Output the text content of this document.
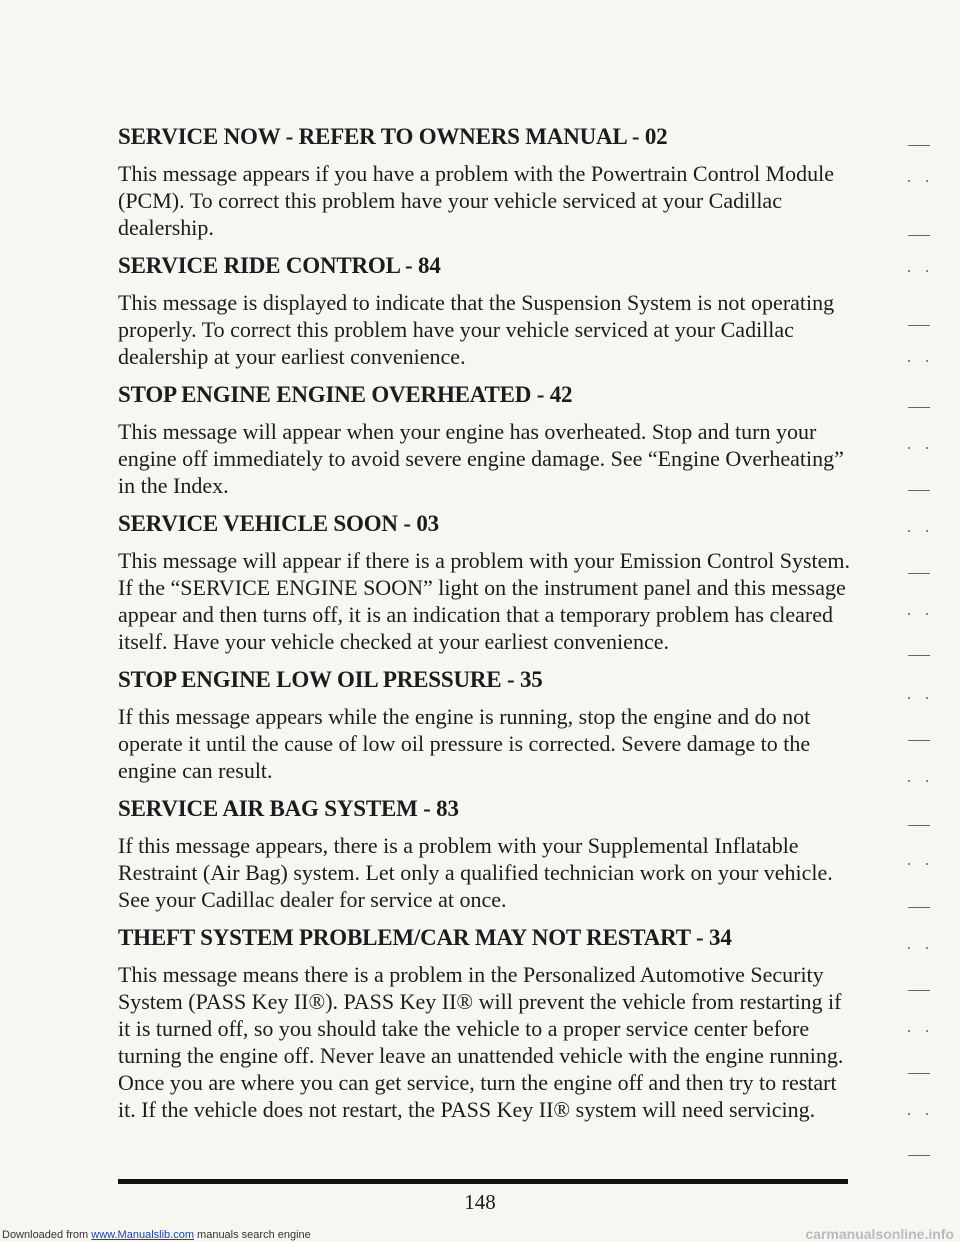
SERVICE NOW - REFER TO OWNERS MANUAL - 02
This message appears if you have a problem with the Powertrain Control Module (PCM). To correct this problem have your vehicle serviced at your Cadillac dealership.
SERVICE RIDE CONTROL - 84
This message is displayed to indicate that the Suspension System is not operating properly. To correct this problem have your vehicle serviced at your Cadillac dealership at your earliest convenience.
STOP ENGINE ENGINE OVERHEATED - 42
This message will appear when your engine has overheated. Stop and turn your engine off immediately to avoid severe engine damage. See “Engine Overheating” in the Index.
SERVICE VEHICLE SOON - 03
This message will appear if there is a problem with your Emission Control System. If the “SERVICE ENGINE SOON” light on the instrument panel and this message appear and then turns off, it is an indication that a temporary problem has cleared itself. Have your vehicle checked at your earliest convenience.
STOP ENGINE LOW OIL PRESSURE - 35
If this message appears while the engine is running, stop the engine and do not operate it until the cause of low oil pressure is corrected. Severe damage to the engine can result.
SERVICE AIR BAG SYSTEM - 83
If this message appears, there is a problem with your Supplemental Inflatable Restraint (Air Bag) system. Let only a qualified technician work on your vehicle. See your Cadillac dealer for service at once.
THEFT SYSTEM PROBLEM/CAR MAY NOT RESTART - 34
This message means there is a problem in the Personalized Automotive Security System (PASS Key II®). PASS Key II® will prevent the vehicle from restarting if it is turned off, so you should take the vehicle to a proper service center before turning the engine off. Never leave an unattended vehicle with the engine running. Once you are where you can get service, turn the engine off and then try to restart it. If the vehicle does not restart, the PASS Key II® system will need servicing.
148
Downloaded from www.Manualslib.com manuals search engine	carmanualsonline.info
